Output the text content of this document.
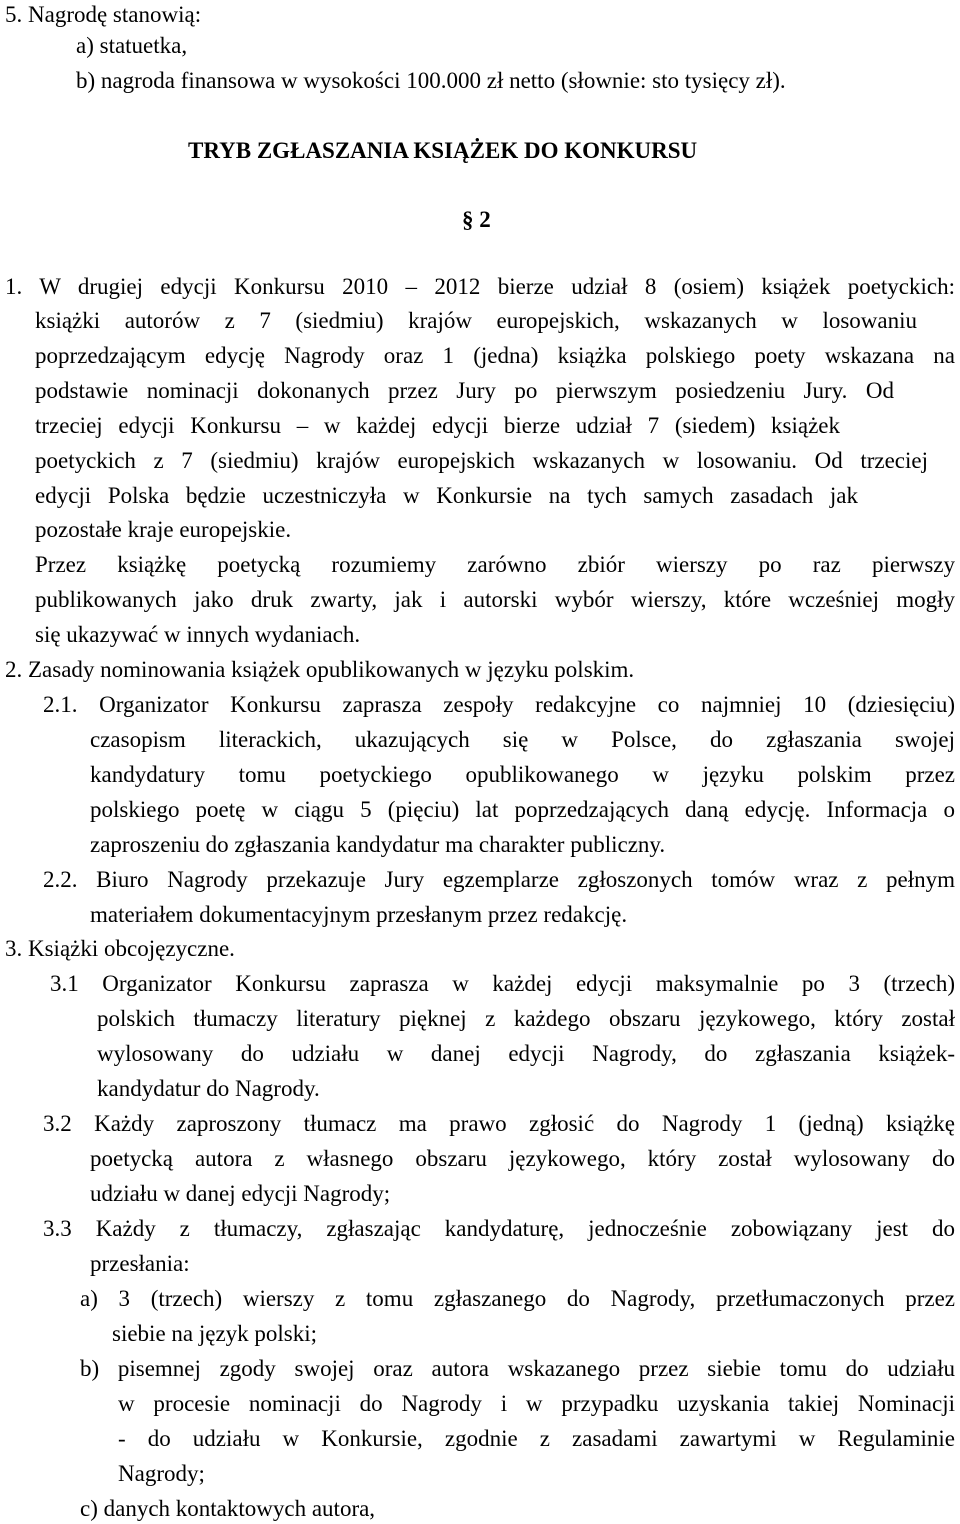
5. Nagrodę stanowią:
a) statuetka,
b) nagroda finansowa w wysokości 100.000 zł netto (słownie: sto tysięcy zł).
TRYB ZGŁASZANIA KSIĄŻEK DO KONKURSU
§ 2
1. W drugiej edycji Konkursu 2010 – 2012 bierze udział 8 (osiem) książek poetyckich:
książki autorów z 7 (siedmiu) krajów europejskich, wskazanych w losowaniu
poprzedzającym edycję Nagrody oraz 1 (jedna) książka polskiego poety wskazana na
podstawie nominacji dokonanych przez Jury po pierwszym posiedzeniu Jury. Od
trzeciej edycji Konkursu – w każdej edycji bierze udział 7 (siedem) książek
poetyckich z 7 (siedmiu) krajów europejskich wskazanych w losowaniu. Od trzeciej
edycji Polska będzie uczestniczyła w Konkursie na tych samych zasadach jak
pozostałe kraje europejskie.
Przez książkę poetycką rozumiemy zarówno zbiór wierszy po raz pierwszy
publikowanych jako druk zwarty, jak i autorski wybór wierszy, które wcześniej mogły
się ukazywać w innych wydaniach.
2. Zasady nominowania książek opublikowanych w języku polskim.
2.1. Organizator Konkursu zaprasza zespoły redakcyjne co najmniej 10 (dziesięciu)
czasopism literackich, ukazujących się w Polsce, do zgłaszania swojej
kandydatury tomu poetyckiego opublikowanego w języku polskim przez
polskiego poetę w ciągu 5 (pięciu) lat poprzedzających daną edycję. Informacja o
zaproszeniu do zgłaszania kandydatur ma charakter publiczny.
2.2. Biuro Nagrody przekazuje Jury egzemplarze zgłoszonych tomów wraz z pełnym
materiałem dokumentacyjnym przesłanym przez redakcję.
3. Książki obcojęzyczne.
3.1 Organizator Konkursu zaprasza w każdej edycji maksymalnie po 3 (trzech)
polskich tłumaczy literatury pięknej z każdego obszaru językowego, który został
wylosowany do udziału w danej edycji Nagrody, do zgłaszania książek-
kandydatur do Nagrody.
3.2 Każdy zaproszony tłumacz ma prawo zgłosić do Nagrody 1 (jedną) książkę
poetycką autora z własnego obszaru językowego, który został wylosowany do
udziału w danej edycji Nagrody;
3.3 Każdy z tłumaczy, zgłaszając kandydaturę, jednocześnie zobowiązany jest do
przesłania:
a) 3 (trzech) wierszy z tomu zgłaszanego do Nagrody, przetłumaczonych przez
siebie na język polski;
b) pisemnej zgody swojej oraz autora wskazanego przez siebie tomu do udziału
w procesie nominacji do Nagrody i w przypadku uzyskania takiej Nominacji
- do udziału w Konkursie, zgodnie z zasadami zawartymi w Regulaminie
Nagrody;
c) danych kontaktowych autora,
